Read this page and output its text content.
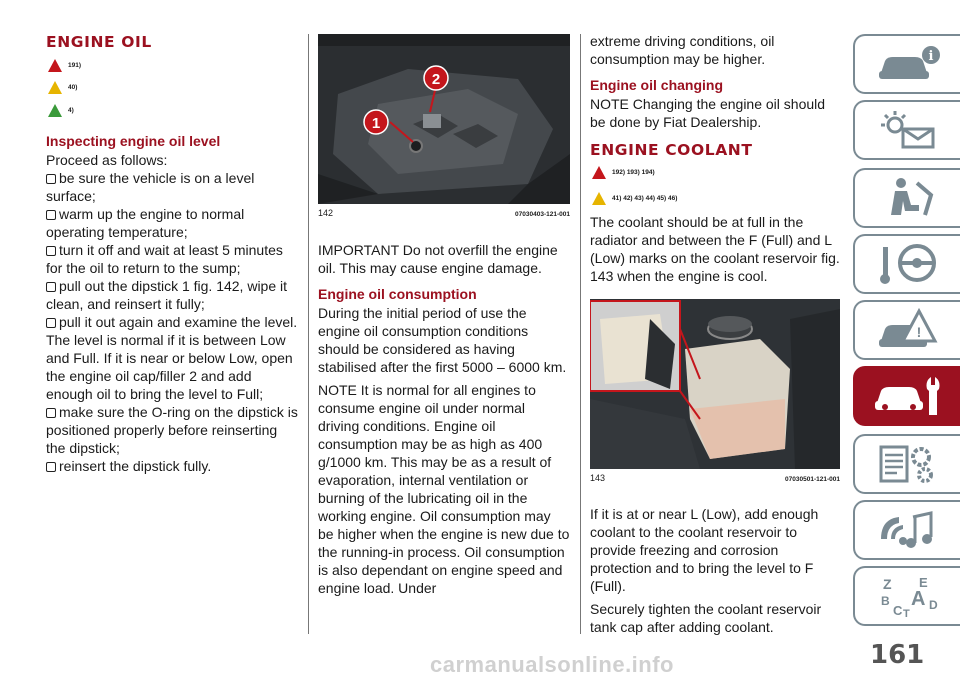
ENGINE OIL
191)
40)
4)
Inspecting engine oil level

Proceed as follows:

be sure the vehicle is on a level surface;

warm up the engine to normal operating temperature;

turn it off and wait at least 5 minutes for the oil to return to the sump;

pull out the dipstick 1 fig. 142, wipe it clean, and reinsert it fully;

pull it out again and examine the level. The level is normal if it is between Low and Full. If it is near or below Low, open the engine oil cap/filler 2 and add enough oil to bring the level to Full;

make sure the O-ring on the dipstick is positioned properly before reinserting the dipstick;

reinsert the dipstick fully.

1
2
142	07030403-121-001

IMPORTANT Do not overfill the engine oil. This may cause engine damage.

Engine oil consumption

During the initial period of use the engine oil consumption conditions should be considered as having stabilised after the first 5000 – 6000 km.

NOTE It is normal for all engines to consume engine oil under normal driving conditions. Engine oil consumption may be as high as 400 g/1000 km. This may be as a result of evaporation, internal ventilation or burning of the lubricating oil in the working engine. Oil consumption may be higher when the engine is new due to the running-in process. Oil consumption is also dependant on engine speed and engine load. Under

extreme driving conditions, oil consumption may be higher.

Engine oil changing

NOTE Changing the engine oil should be done by Fiat Dealership.

ENGINE COOLANT
192) 193) 194)
41) 42) 43) 44) 45) 46)

The coolant should be at full in the radiator and between the F (Full) and L (Low) marks on the coolant reservoir fig. 143 when the engine is cool.

143	07030501-121-001

If it is at or near L (Low), add enough coolant to the coolant reservoir to provide freezing and corrosion protection and to bring the level to F (Full).

Securely tighten the coolant reservoir tank cap after adding coolant.

i
!
Z E
B A
C D
T
161
carmanualsonline.info
